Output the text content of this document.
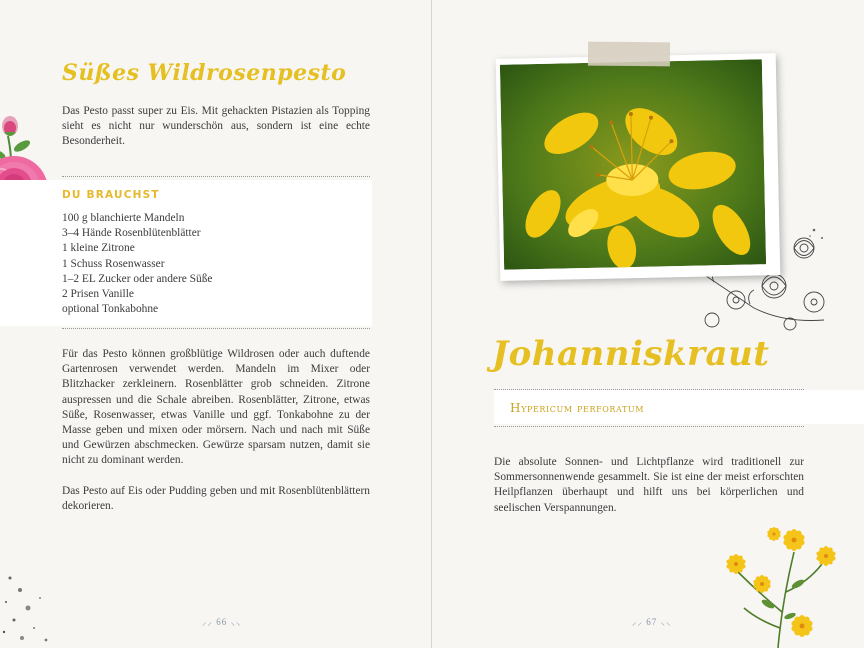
Süßes Wildrosenpesto
Das Pesto passt super zu Eis. Mit gehackten Pistazien als Topping sieht es nicht nur wunderschön aus, sondern ist eine echte Besonderheit.
DU BRAUCHST
100 g blanchierte Mandeln
3–4 Hände Rosenblütenblätter
1 kleine Zitrone
1 Schuss Rosenwasser
1–2 EL Zucker oder andere Süße
2 Prisen Vanille
optional Tonkabohne
Für das Pesto können großblütige Wildrosen oder auch duftende Gartenrosen verwendet werden. Mandeln im Mixer oder Blitzhacker zerkleinern. Rosenblätter grob schneiden. Zitrone auspressen und die Schale abreiben. Rosenblätter, Zitrone, etwas Süße, Rosenwasser, etwas Vanille und ggf. Tonkabohne zu der Masse geben und mixen oder mörsern. Nach und nach mit Süße und Gewürzen abschmecken. Gewürze sparsam nutzen, damit sie nicht zu dominant werden.
Das Pesto auf Eis oder Pudding geben und mit Rosenblütenblättern dekorieren.
⸝⸝ 66 ⸜⸜
Johanniskraut
Hypericum perforatum
Die absolute Sonnen- und Lichtpflanze wird traditionell zur Sommersonnenwende gesammelt. Sie ist eine der meist erforschten Heilpflanzen überhaupt und hilft uns bei körperlichen und seelischen Verspannungen.
⸝⸝ 67 ⸜⸜
